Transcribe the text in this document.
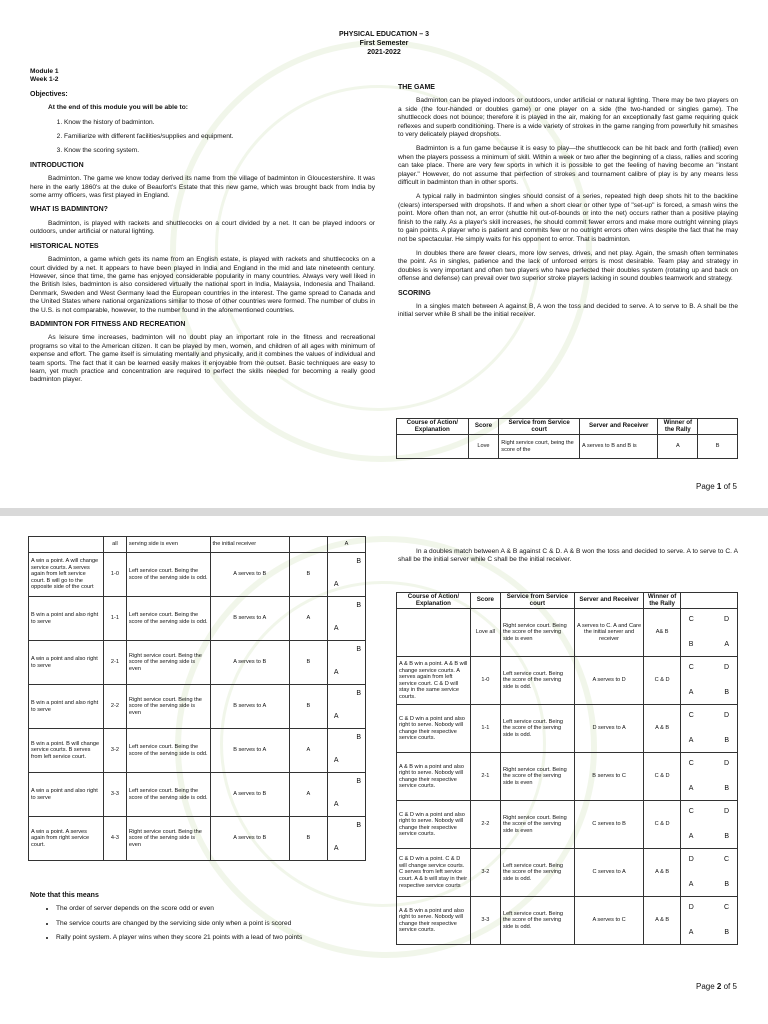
PHYSICAL EDUCATION – 3
First Semester
2021-2022
Module 1
Week 1-2
Objectives:

At the end of this module you will be able to:

1. Know the history of badminton.
2. Familiarize with different facilities/supplies and equipment.
3. Know the scoring system.
INTRODUCTION

Badminton. The game we know today derived its name from the village of badminton in Gloucestershire. It was here in the early 1860's at the duke of Beaufort's Estate that this new game, which was brought back from India by some army officers, was first played in England.

WHAT IS BADMINTON?

Badminton, is played with rackets and shuttlecocks on a court divided by a net. It can be played indoors or outdoors, under artificial or natural lighting.

HISTORICAL NOTES

Badminton, a game which gets its name from an English estate, is played with rackets and shuttlecocks on a court divided by a net. It appears to have been played in India and England in the mid and late nineteenth century. However, since that time, the game has enjoyed considerable popularity in many countries. Always very well liked in the British Isles, badminton is also considered virtually the national sport in India, Malaysia, Indonesia and Thailand. Denmark, Sweden and West Germany lead the European countries in the interest. The game spread to Canada and the United States where national organizations similar to those of other countries were formed. The number of clubs in the U.S. is not comparable, however, to the number found in the aforementioned countries.

BADMINTON FOR FITNESS AND RECREATION

As leisure time increases, badminton will no doubt play an important role in the fitness and recreational programs so vital to the American citizen. It can be played by men, women, and children of all ages with minimum of expense and effort. The game itself is simulating mentally and physically, and it combines the values of individual and team sports. The fact that it can be learned easily makes it enjoyable from the outset. Basic techniques are easy to learn, yet much practice and concentration are required to perfect the skills needed for becoming a really good badminton player.

THE GAME

Badminton can be played indoors or outdoors, under artificial or natural lighting. There may be two players on a side (the four-handed or doubles game) or one player on a side (the two-handed or singles game). The shuttlecock does not bounce; therefore it is played in the air, making for an exceptionally fast game requiring quick reflexes and superb conditioning. There is a wide variety of strokes in the game ranging from powerfully hit smashes to very delicately played dropshots.

Badminton is a fun game because it is easy to play—the shuttlecock can be hit back and forth (rallied) even when the players possess a minimum of skill. Within a week or two after the beginning of a class, rallies and scoring can take place. There are very few sports in which it is possible to get the feeling of having become an "instant player." However, do not assume that perfection of strokes and tournament calibre of play is by any means less difficult in badminton than in other sports.

A typical rally in badminton singles should consist of a series, repeated high deep shots hit to the backline (clears) interspersed with dropshots. If and when a short clear or other type of "set-up" is forced, a smash wins the point. More often than not, an error (shuttle hit out-of-bounds or into the net) occurs rather than a positive playing finish to the rally. As a player's skill increases, he should commit fewer errors and make more outright winning plays to gain points. A player who is patient and commits few or no outright errors often wins despite the fact that he may not be spectacular. He simply waits for his opponent to error. That is badminton.

In doubles there are fewer clears, more low serves, drives, and net play. Again, the smash often terminates the point. As in singles, patience and the lack of unforced errors is most desirable. Team play and strategy in doubles is very important and often two players who have perfected their doubles system (rotating up and back on offense and defense) can prevail over two superior stroke players lacking in sound doubles teamwork and strategy.

SCORING

In a singles match between A against B, A won the toss and decided to serve. A to serve to B. A shall be the initial server while B shall be the initial receiver.

Course of Action/ Explanation	Score	Service from Service court	Server and Receiver	Winner of the Rally	
	Love	Right service court, being the score of the	A serves to B and B is	A	B
Page 1 of 5
	all	serving side is even	the initial receiver		A
A win a point. A will change service courts. A serves again from left service court. B will go to the opposite side of the court	1-0	Left service court. Being the score of the serving side is odd.	A serves to B	B	B
A

B win a point and also right to serve	1-1	Left service court. Being the score of the serving side is odd.	B serves to A	A	B
A

A win a point and also right to serve	2-1	Right service court. Being the score of the serving side is even	A serves to B	B	B
A

B win a point and also right to serve	2-2	Right service court. Being the score of the serving side is even	B serves to A	B	B
A

B win a point. B will change service courts. B serves from left service court.	3-2	Left service court. Being the score of the serving side is odd.	B serves to A	A	B
A

A win a point and also right to serve	3-3	Left service court. Being the score of the serving side is odd.	A serves to B	A	B
A

A win a point. A serves again from right service court.	4-3	Right service court. Being the score of the serving side is even	A serves to B	B	B
A
Note that this means
• The order of server depends on the score odd or even
• The service courts are changed by the servicing side only when a point is scored
• Rally point system. A player wins when they score 21 points with a lead of two points

In a doubles match between A & B against C & D. A & B won the toss and decided to serve. A to serve to C. A shall be the initial server while C shall be the initial receiver.

Course of Action/ Explanation	Score	Service from Service court	Server and Receiver	Winner of the Rally	
	Love all	Right service court. Being the score of the serving side is even	A serves to C. A and Care the initial server and receiver	A& B	C D
B A

A & B win a point. A & B will change service courts. A serves again from left service court. C & D will stay in the same service courts.	1-0	Left service court. Being the score of the serving side is odd.	A serves to D	C & D	C D
A B

C & D win a point and also right to serve. Nobody will change their respective service courts.	1-1	Left service court. Being the score of the serving side is odd.	D serves to A	A & B	C D
A B

A & B win a point and also right to serve. Nobody will change their respective service courts.	2-1	Right service court. Being the score of the serving side is even	B serves to C	C & D	C D
A B

C & D win a point and also right to serve. Nobody will change their respective service courts.	2-2	Right service court. Being the score of the serving side is even	C serves to B	C & D	C D
A B

C & D win a point. C & D will change service courts. C serves from left service court. A & b will stay in their respective service courts	3-2	Left service court. Being the score of the serving side is odd.	C serves to A	A & B	D C
A B

A & B win a point and also right to serve. Nobody will change their respective service courts.	3-3	Left service court. Being the score of the serving side is odd.	A serves to C	A & B	D C
A B
Page 2 of 5
